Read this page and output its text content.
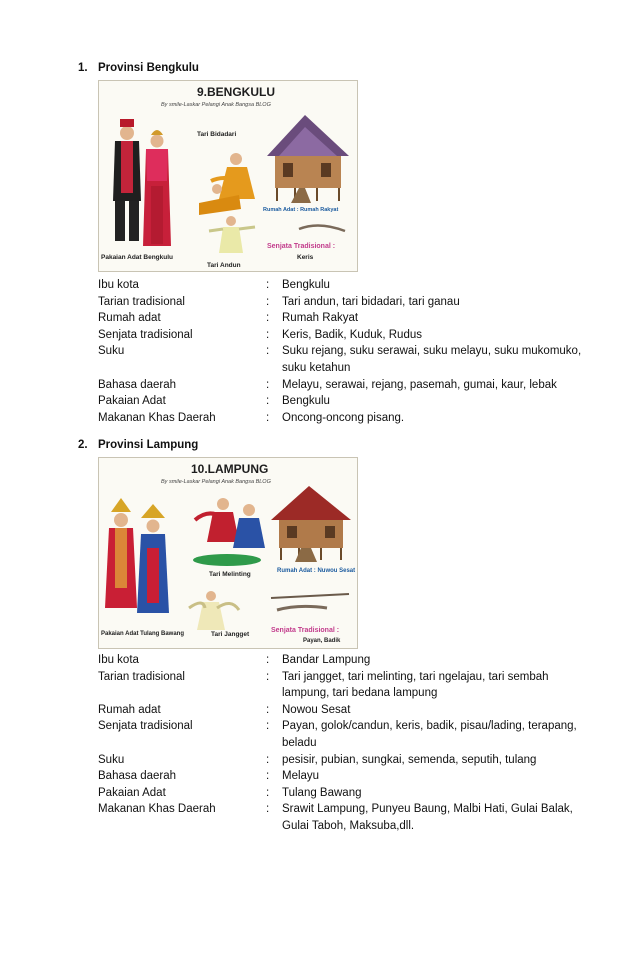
1. Provinsi Bengkulu
9.BENGKULU
By smile-Laskar Pelangi Anak Bangsa BLOG
Pakaian Adat Bengkulu
Tari Bidadari
Tari Andun
Rumah Adat : Rumah Rakyat
Senjata Tradisional :
Keris
Ibu kota	:	Bengkulu
Tarian tradisional	:	Tari andun, tari bidadari, tari ganau
Rumah adat	:	Rumah Rakyat
Senjata tradisional	:	Keris, Badik, Kuduk, Rudus
Suku	:	Suku rejang, suku serawai, suku melayu, suku mukomuko, suku ketahun
Bahasa daerah	:	Melayu, serawai, rejang, pasemah, gumai, kaur, lebak
Pakaian Adat	:	Bengkulu
Makanan Khas Daerah	:	Oncong-oncong pisang.
2. Provinsi Lampung
10.LAMPUNG
By smile-Laskar Pelangi Anak Bangsa BLOG
Pakaian Adat Tulang Bawang
Tari Melinting
Tari Jangget
Rumah Adat : Nuwou Sesat
Senjata Tradisional :
Payan, Badik
Ibu kota	:	Bandar Lampung
Tarian tradisional	:	Tari jangget, tari melinting, tari ngelajau, tari sembah lampung, tari bedana lampung
Rumah adat	:	Nowou Sesat
Senjata tradisional	:	Payan, golok/candun, keris, badik, pisau/lading, terapang, beladu
Suku	:	pesisir, pubian, sungkai, semenda, seputih, tulang
Bahasa daerah	:	Melayu
Pakaian Adat	:	Tulang Bawang
Makanan Khas Daerah	:	Srawit Lampung, Punyeu Baung, Malbi Hati, Gulai Balak, Gulai Taboh, Maksuba,dll.
